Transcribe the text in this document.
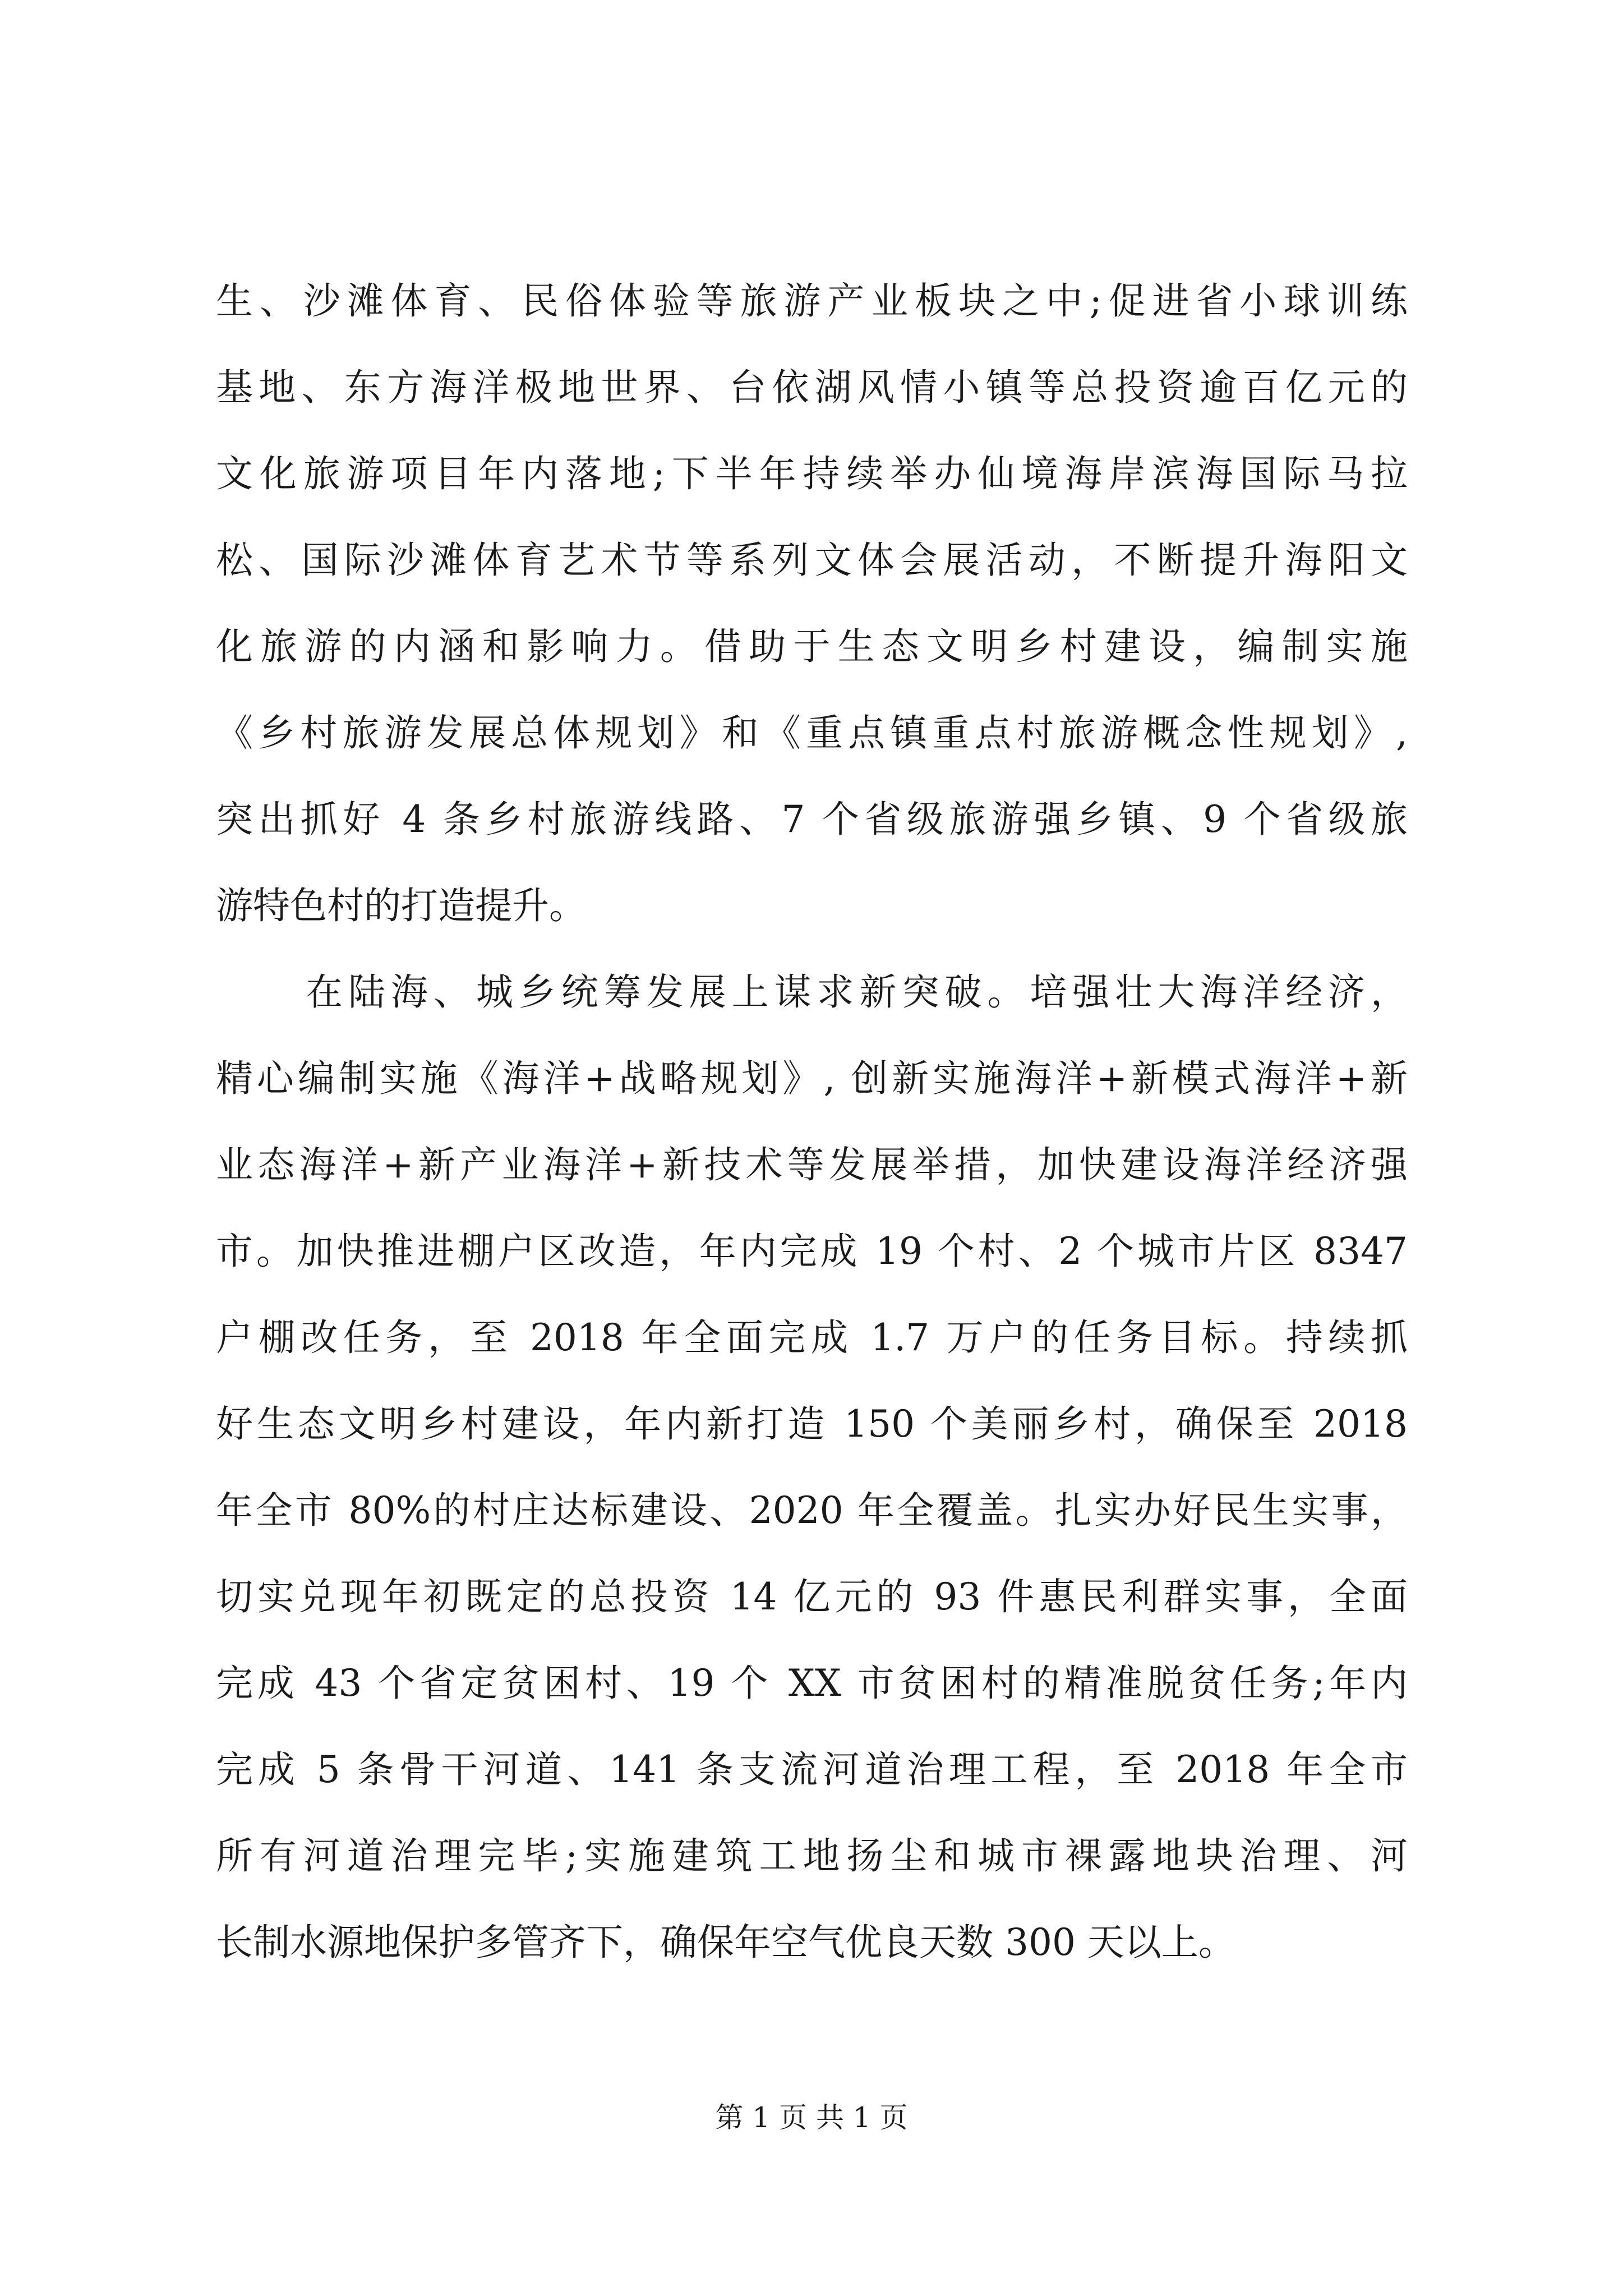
生、沙滩体育、民俗体验等旅游产业板块之中;促进省小球训练
基地、东方海洋极地世界、台依湖风情小镇等总投资逾百亿元的
文化旅游项目年内落地;下半年持续举办仙境海岸滨海国际马拉
松、国际沙滩体育艺术节等系列文体会展活动，不断提升海阳文
化旅游的内涵和影响力。借助于生态文明乡村建设，编制实施
《乡村旅游发展总体规划》和《重点镇重点村旅游概念性规划》,
突出抓好 4 条乡村旅游线路、7 个省级旅游强乡镇、9 个省级旅
游特色村的打造提升。
在陆海、城乡统筹发展上谋求新突破。培强壮大海洋经济，
精心编制实施《海洋+战略规划》, 创新实施海洋+新模式海洋+新
业态海洋+新产业海洋+新技术等发展举措，加快建设海洋经济强
市。加快推进棚户区改造，年内完成 19 个村、2 个城市片区 8347
户棚改任务，至 2018 年全面完成 1.7 万户的任务目标。持续抓
好生态文明乡村建设，年内新打造 150 个美丽乡村，确保至 2018
年全市 80%的村庄达标建设、2020 年全覆盖。扎实办好民生实事，
切实兑现年初既定的总投资 14 亿元的 93 件惠民利群实事，全面
完成 43 个省定贫困村、19 个 XX 市贫困村的精准脱贫任务;年内
完成 5 条骨干河道、141 条支流河道治理工程，至 2018 年全市
所有河道治理完毕;实施建筑工地扬尘和城市裸露地块治理、河
长制水源地保护多管齐下，确保年空气优良天数 300 天以上。
第 1 页 共 1 页
